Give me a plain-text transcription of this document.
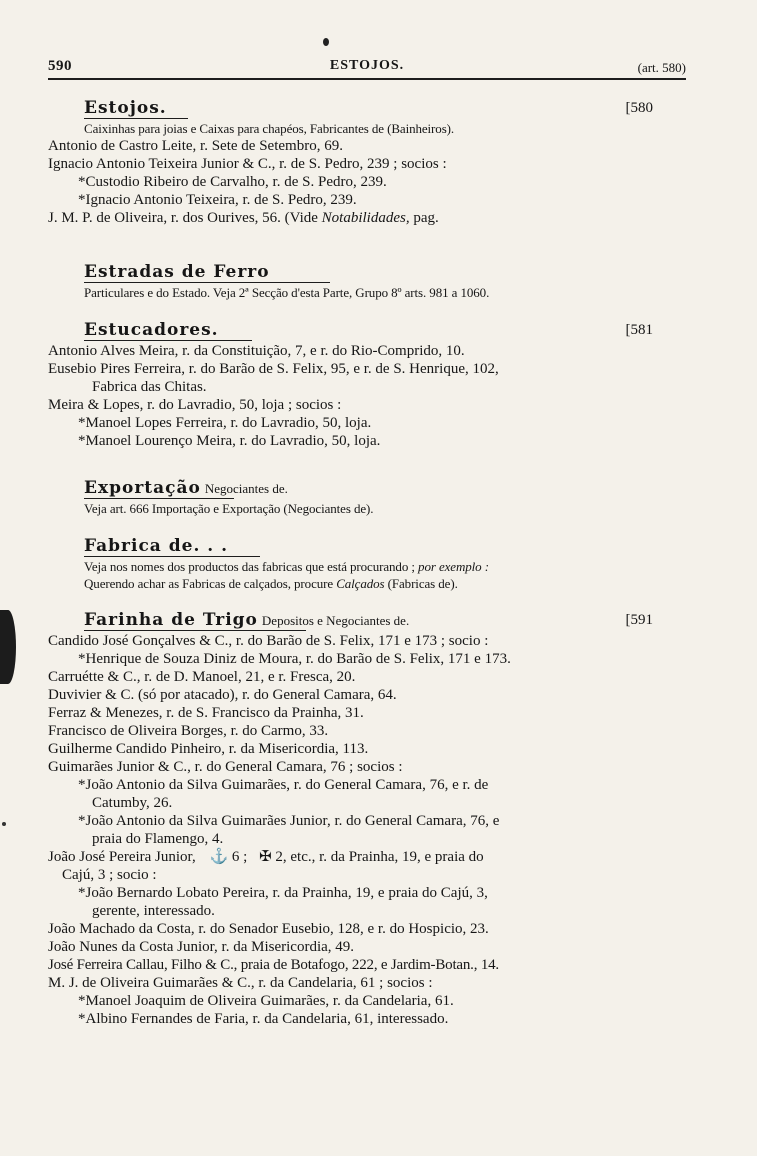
590	ESTOJOS.	(art. 580)
Estojos.	[580
Caixinhas para joias e Caixas para chapéos, Fabricantes de (Bainheiros).
Antonio de Castro Leite, r. Sete de Setembro, 69.
Ignacio Antonio Teixeira Junior & C., r. de S. Pedro, 239 ; socios :
*Custodio Ribeiro de Carvalho, r. de S. Pedro, 239.
*Ignacio Antonio Teixeira, r. de S. Pedro, 239.
J. M. P. de Oliveira, r. dos Ourives, 56. (Vide Notabilidades, pag.
Estradas de Ferro
Particulares e do Estado. Veja 2ª Secção d'esta Parte, Grupo 8º arts. 981 a 1060.
Estucadores.	[581
Antonio Alves Meira, r. da Constituição, 7, e r. do Rio-Comprido, 10.
Eusebio Pires Ferreira, r. do Barão de S. Felix, 95, e r. de S. Henrique, 102,
Fabrica das Chitas.
Meira & Lopes, r. do Lavradio, 50, loja ; socios :
*Manoel Lopes Ferreira, r. do Lavradio, 50, loja.
*Manoel Lourenço Meira, r. do Lavradio, 50, loja.
Exportação Negociantes de.
Veja art. 666 Importação e Exportação (Negociantes de).
Fabrica de. . .
Veja nos nomes dos productos das fabricas que está procurando ; por exemplo :
Querendo achar as Fabricas de calçados, procure Calçados (Fabricas de).
Farinha de Trigo Depositos e Negociantes de.	[591
Candido José Gonçalves & C., r. do Barão de S. Felix, 171 e 173 ; socio :
*Henrique de Souza Diniz de Moura, r. do Barão de S. Felix, 171 e 173.
Carruétte & C., r. de D. Manoel, 21, e r. Fresca, 20.
Duvivier & C. (só por atacado), r. do General Camara, 64.
Ferraz & Menezes, r. de S. Francisco da Prainha, 31.
Francisco de Oliveira Borges, r. do Carmo, 33.
Guilherme Candido Pinheiro, r. da Misericordia, 113.
Guimarães Junior & C., r. do General Camara, 76 ; socios :
*João Antonio da Silva Guimarães, r. do General Camara, 76, e r. de
Catumby, 26.
*João Antonio da Silva Guimarães Junior, r. do General Camara, 76, e
praia do Flamengo, 4.
João José Pereira Junior, ⚓ 6 ; ✠ 2, etc., r. da Prainha, 19, e praia do
Cajú, 3 ; socio :
*João Bernardo Lobato Pereira, r. da Prainha, 19, e praia do Cajú, 3,
gerente, interessado.
João Machado da Costa, r. do Senador Eusebio, 128, e r. do Hospicio, 23.
João Nunes da Costa Junior, r. da Misericordia, 49.
José Ferreira Callau, Filho & C., praia de Botafogo, 222, e Jardim-Botan., 14.
M. J. de Oliveira Guimarães & C., r. da Candelaria, 61 ; socios :
*Manoel Joaquim de Oliveira Guimarães, r. da Candelaria, 61.
*Albino Fernandes de Faria, r. da Candelaria, 61, interessado.
